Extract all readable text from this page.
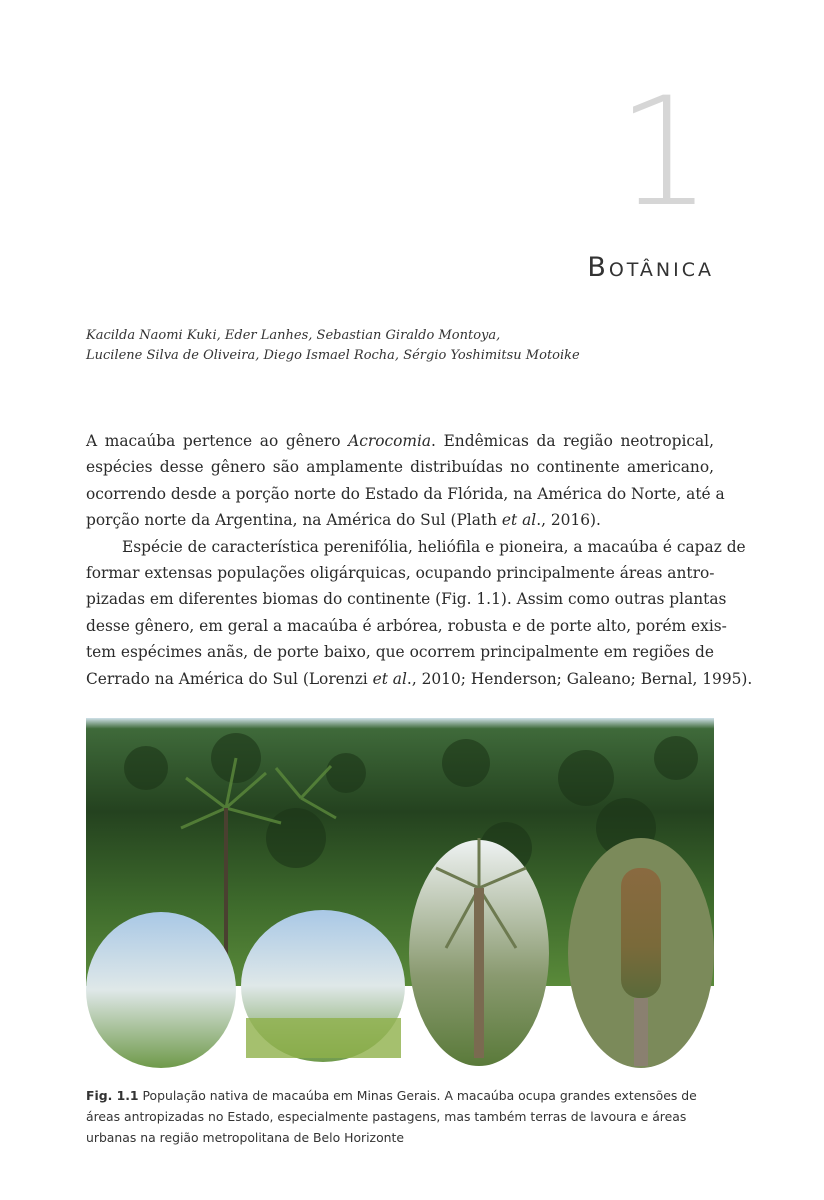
1
Botânica
Kacilda Naomi Kuki, Eder Lanhes, Sebastian Giraldo Montoya,
Lucilene Silva de Oliveira, Diego Ismael Rocha, Sérgio Yoshimitsu Motoike
A macaúba pertence ao gênero Acrocomia. Endêmicas da região neotropical,
espécies desse gênero são amplamente distribuídas no continente americano,
ocorrendo desde a porção norte do Estado da Flórida, na América do Norte, até a
porção norte da Argentina, na América do Sul (Plath et al., 2016).
Espécie de característica perenifólia, heliófila e pioneira, a macaúba é capaz de
formar extensas populações oligárquicas, ocupando principalmente áreas antro-
pizadas em diferentes biomas do continente (Fig. 1.1). Assim como outras plantas
desse gênero, em geral a macaúba é arbórea, robusta e de porte alto, porém exis-
tem espécimes anãs, de porte baixo, que ocorrem principalmente em regiões de
Cerrado na América do Sul (Lorenzi et al., 2010; Henderson; Galeano; Bernal, 1995).
Fig. 1.1 População nativa de macaúba em Minas Gerais. A macaúba ocupa grandes extensões de
áreas antropizadas no Estado, especialmente pastagens, mas também terras de lavoura e áreas
urbanas na região metropolitana de Belo Horizonte
